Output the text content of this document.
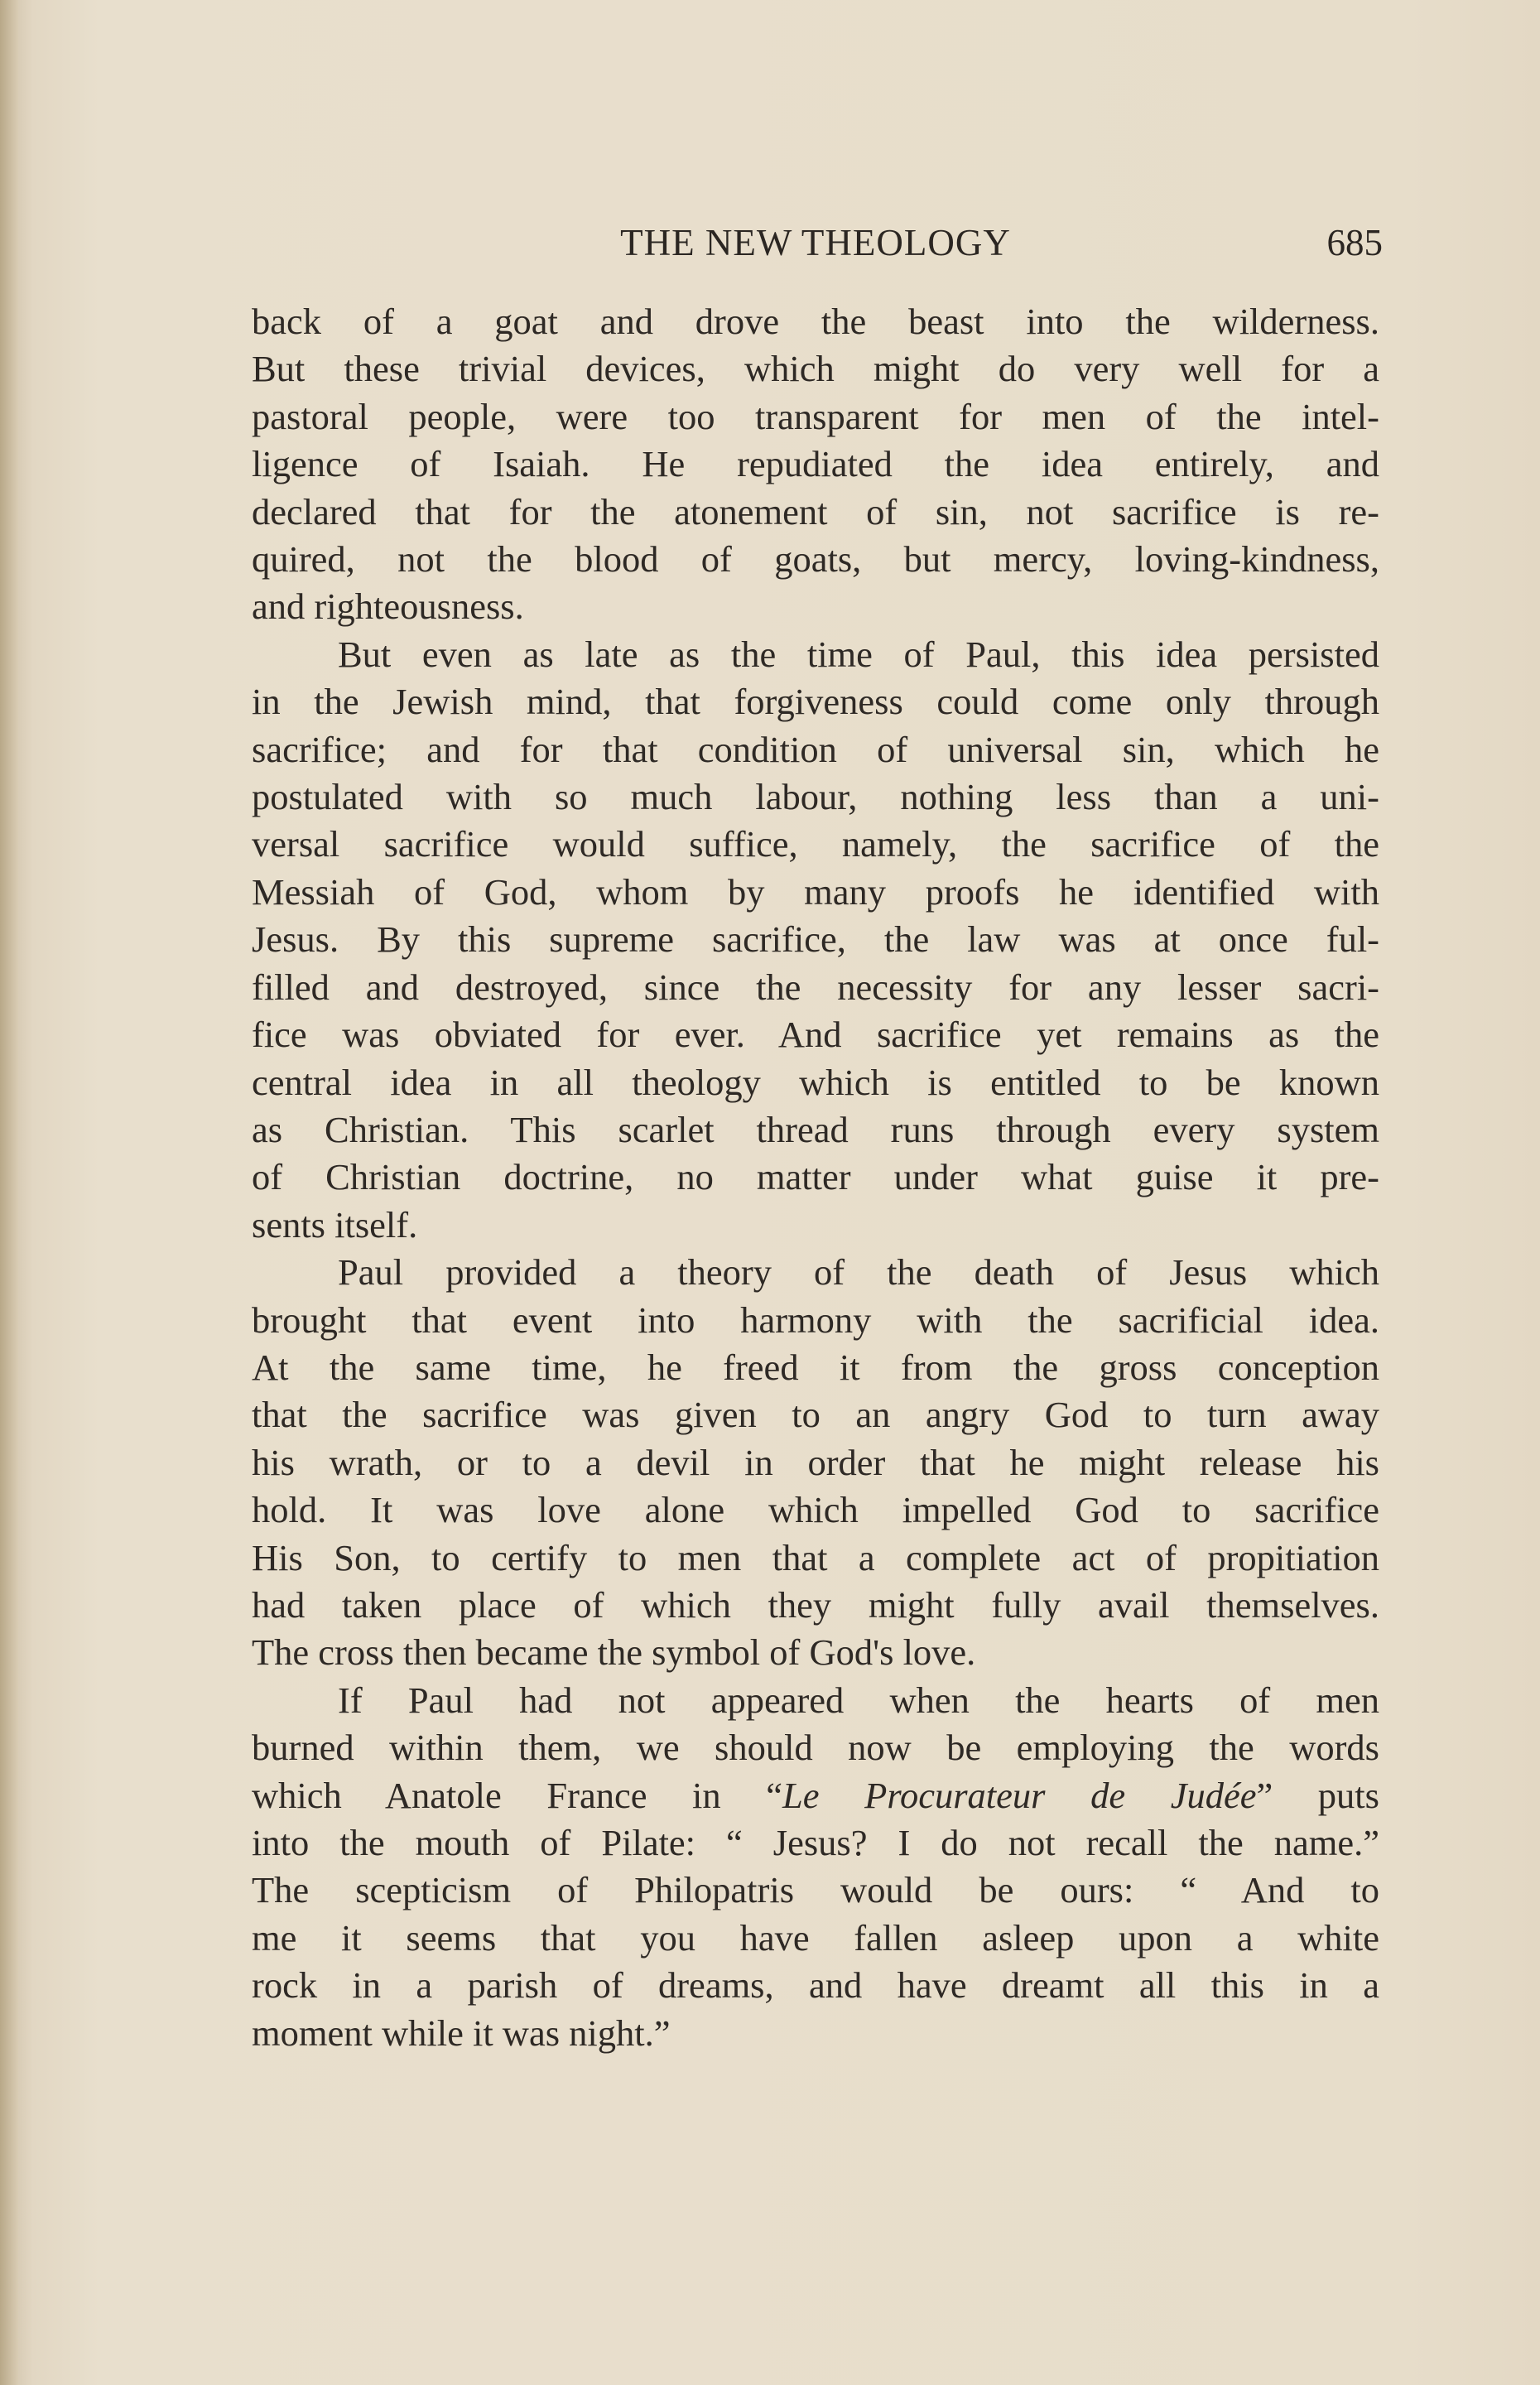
THE NEW THEOLOGY	685
back of a goat and drove the beast into the wilderness.
But these trivial devices, which might do very well for a
pastoral people, were too transparent for men of the intel-
ligence of Isaiah. He repudiated the idea entirely, and
declared that for the atonement of sin, not sacrifice is re-
quired, not the blood of goats, but mercy, loving-kindness,
and righteousness.
But even as late as the time of Paul, this idea persisted
in the Jewish mind, that forgiveness could come only through
sacrifice; and for that condition of universal sin, which he
postulated with so much labour, nothing less than a uni-
versal sacrifice would suffice, namely, the sacrifice of the
Messiah of God, whom by many proofs he identified with
Jesus. By this supreme sacrifice, the law was at once ful-
filled and destroyed, since the necessity for any lesser sacri-
fice was obviated for ever. And sacrifice yet remains as the
central idea in all theology which is entitled to be known
as Christian. This scarlet thread runs through every system
of Christian doctrine, no matter under what guise it pre-
sents itself.
Paul provided a theory of the death of Jesus which
brought that event into harmony with the sacrificial idea.
At the same time, he freed it from the gross conception
that the sacrifice was given to an angry God to turn away
his wrath, or to a devil in order that he might release his
hold. It was love alone which impelled God to sacrifice
His Son, to certify to men that a complete act of propitiation
had taken place of which they might fully avail themselves.
The cross then became the symbol of God's love.
If Paul had not appeared when the hearts of men
burned within them, we should now be employing the words
which Anatole France in “Le Procurateur de Judée” puts
into the mouth of Pilate: “ Jesus? I do not recall the name.”
The scepticism of Philopatris would be ours: “ And to
me it seems that you have fallen asleep upon a white
rock in a parish of dreams, and have dreamt all this in a
moment while it was night.”
